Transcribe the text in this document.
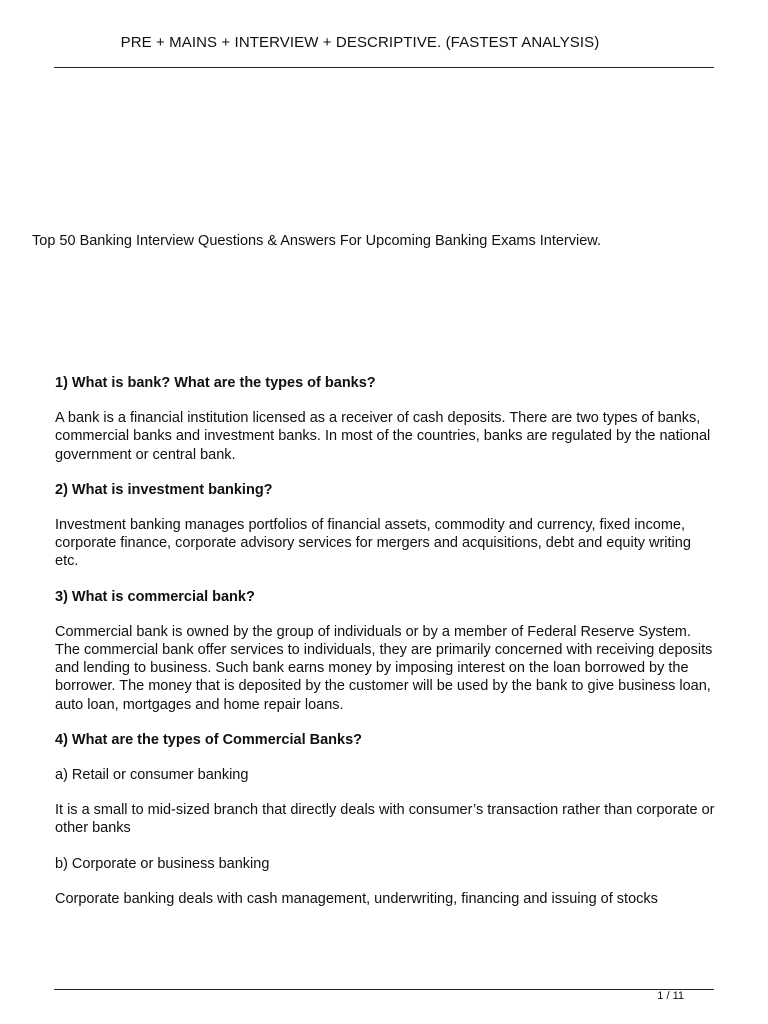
PRE + MAINS + INTERVIEW + DESCRIPTIVE. (FASTEST ANALYSIS)
Top 50 Banking Interview Questions & Answers For Upcoming Banking Exams Interview.

1) What is bank? What are the types of banks?

A bank is a financial institution licensed as a receiver of cash deposits. There are two types of banks, commercial banks and investment banks. In most of the countries, banks are regulated by the national government or central bank.

2) What is investment banking?

Investment banking manages portfolios of financial assets, commodity and currency, fixed income, corporate finance, corporate advisory services for mergers and acquisitions, debt and equity writing etc.

3) What is commercial bank?

Commercial bank is owned by the group of individuals or by a member of Federal Reserve System. The commercial bank offer services to individuals, they are primarily concerned with receiving deposits and lending to business. Such bank earns money by imposing interest on the loan borrowed by the borrower. The money that is deposited by the customer will be used by the bank to give business loan, auto loan, mortgages and home repair loans.

4) What are the types of Commercial Banks?

a) Retail or consumer banking

It is a small to mid-sized branch that directly deals with consumer’s transaction rather than corporate or other banks

b) Corporate or business banking

Corporate banking deals with cash management, underwriting, financing and issuing of stocks

1 / 11
